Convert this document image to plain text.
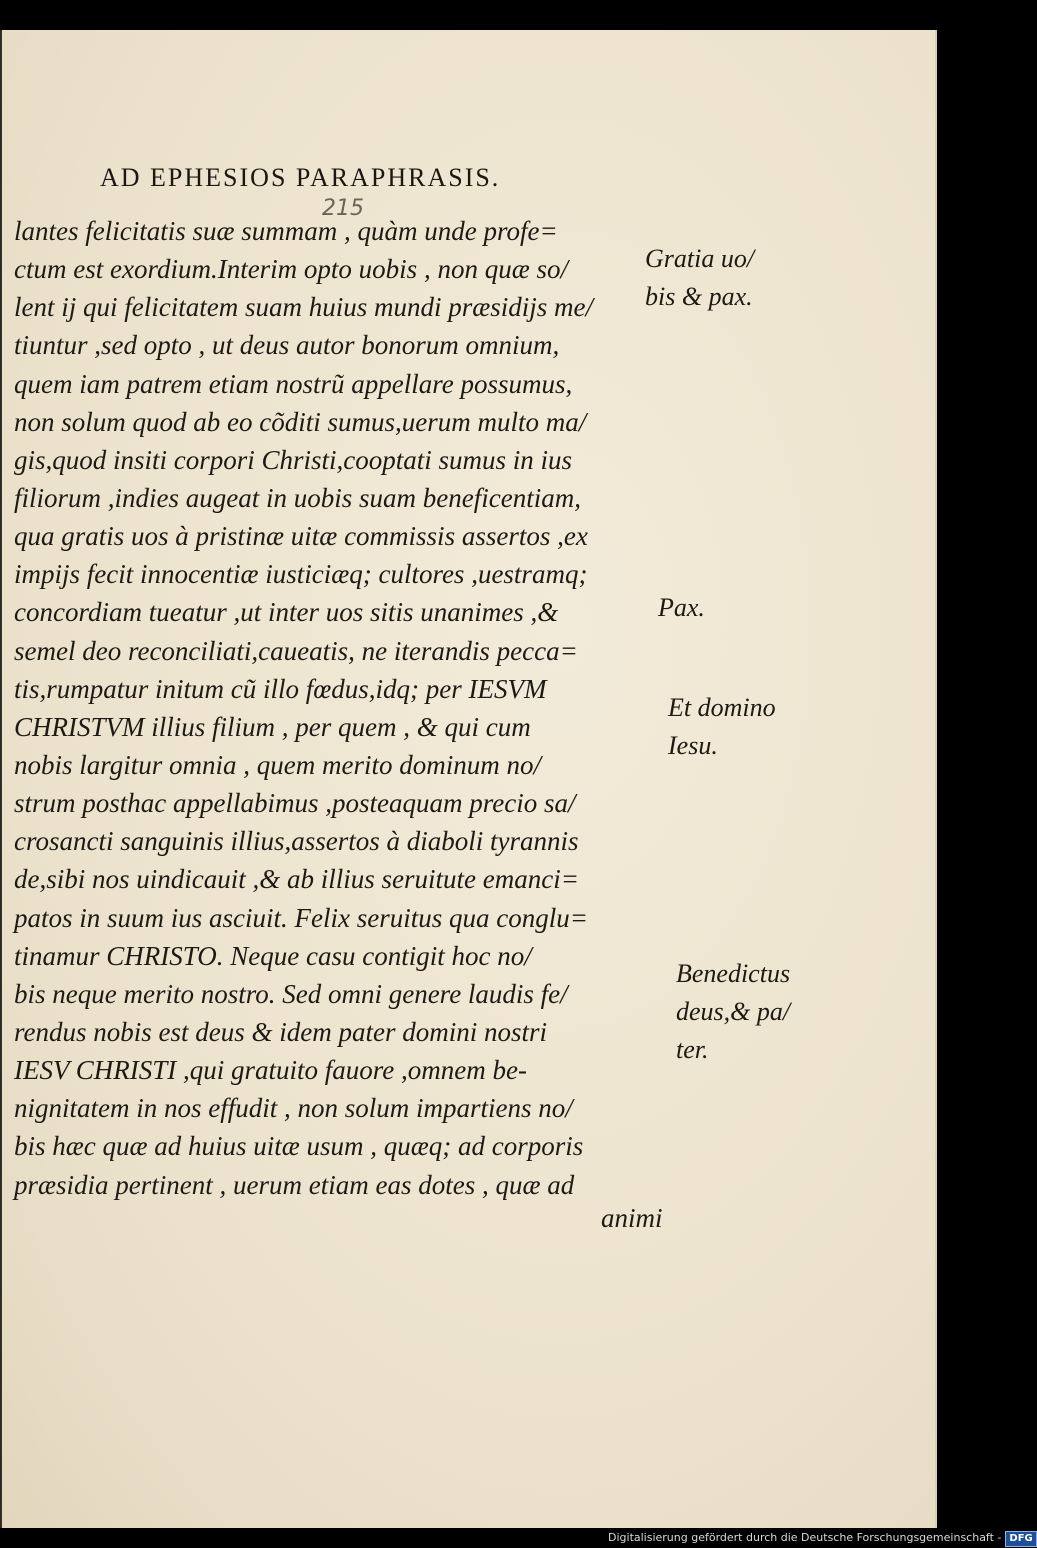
AD EPHESIOS PARAPHRASIS.
215
lantes felicitatis suæ summam , quàm unde profe=
ctum est exordium.Interim opto uobis , non quæ so/
lent ij qui felicitatem suam huius mundi præsidijs me/
tiuntur ,sed opto , ut deus autor bonorum omnium,
quem iam patrem etiam nostrũ appellare possumus,
non solum quod ab eo cõditi sumus,uerum multo ma/
gis,quod insiti corpori Christi,cooptati sumus in ius
filiorum ,indies augeat in uobis suam beneficentiam,
qua gratis uos à pristinæ uitæ commissis assertos ,ex
impijs fecit innocentiæ iusticiæq; cultores ,uestramq;
concordiam tueatur ,ut inter uos sitis unanimes ,&
semel deo reconciliati,caueatis, ne iterandis pecca=
tis,rumpatur initum cũ illo fœdus,idq; per IESVM
CHRISTVM illius filium , per quem , & qui cum
nobis largitur omnia , quem merito dominum no/
strum posthac appellabimus ,posteaquam precio sa/
crosancti sanguinis illius,assertos à diaboli tyrannis
de,sibi nos uindicauit ,& ab illius seruitute emanci=
patos in suum ius asciuit. Felix seruitus qua conglu=
tinamur CHRISTO. Neque casu contigit hoc no/
bis neque merito nostro. Sed omni genere laudis fe/
rendus nobis est deus & idem pater domini nostri
IESV CHRISTI ,qui gratuito fauore ,omnem be-
nignitatem in nos effudit , non solum impartiens no/
bis hæc quæ ad huius uitæ usum , quæq; ad corporis
præsidia pertinent , uerum etiam eas dotes , quæ ad
animi
Gratia uo/
bis & pax.
Pax.
Et domino
Iesu.
Benedictus
deus,& pa/
ter.
Digitalisierung gefördert durch die Deutsche Forschungsgemeinschaft - DFG
